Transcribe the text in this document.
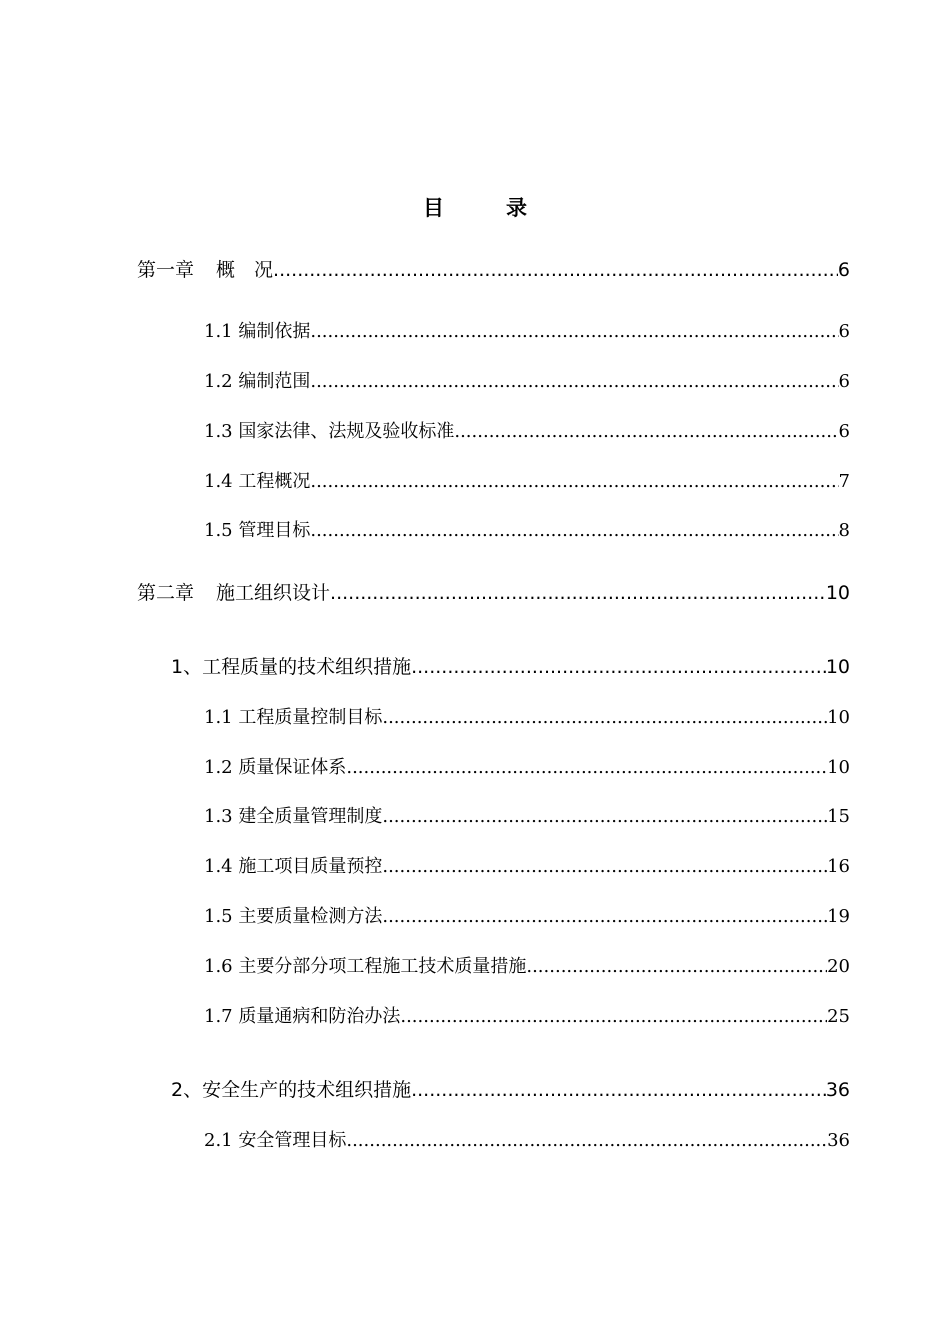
目	录
第一章 概　况 .....	6
1.1 编制依据 .....	6
1.2 编制范围 .....	6
1.3 国家法律、法规及验收标准 .....	6
1.4 工程概况 .....	7
1.5 管理目标 .....	8
第二章 施工组织设计 .....	10
1、工程质量的技术组织措施 .....	10
1.1 工程质量控制目标 .....	10
1.2 质量保证体系 .....	10
1.3 建全质量管理制度 .....	15
1.4 施工项目质量预控 .....	16
1.5 主要质量检测方法 .....	19
1.6 主要分部分项工程施工技术质量措施 .....	20
1.7 质量通病和防治办法 .....	25
2、安全生产的技术组织措施 .....	36
2.1 安全管理目标 .....	36
